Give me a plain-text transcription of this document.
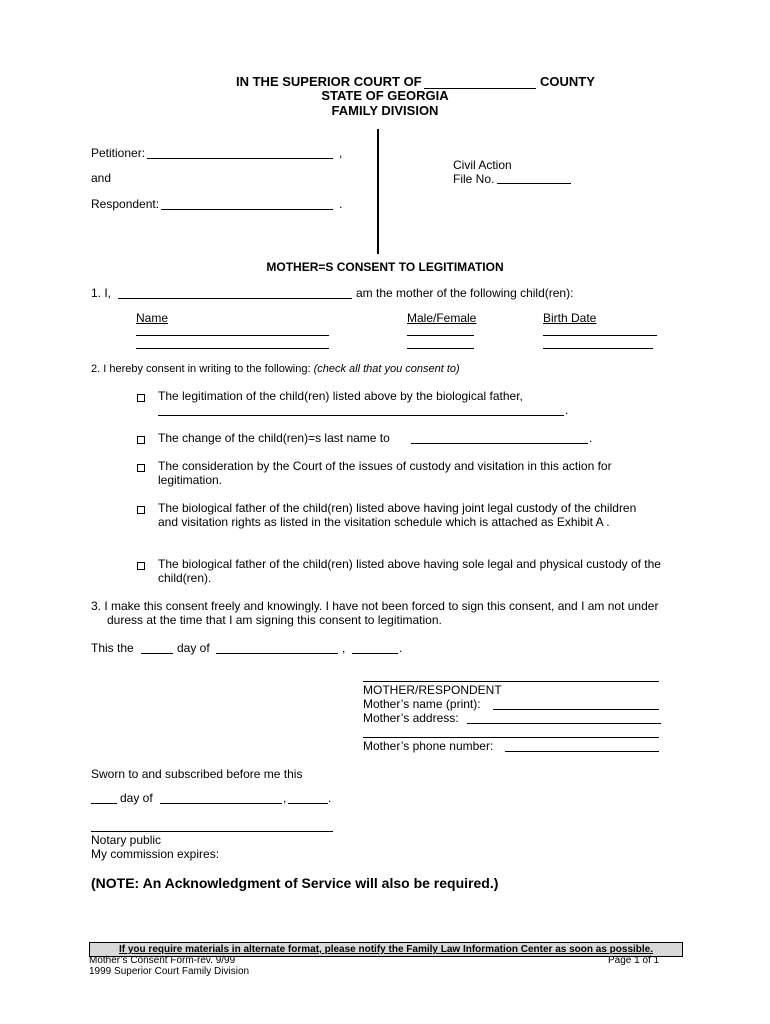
IN THE SUPERIOR COURT OF	COUNTY
STATE OF GEORGIA
FAMILY DIVISION
Petitioner:	,
and
Respondent:	.
Civil Action
File No.
MOTHER=S CONSENT TO LEGITIMATION
1. I,	am the mother of the following child(ren):
Name	Male/Female	Birth Date
2. I hereby consent in writing to the following: (check all that you consent to)
The legitimation of the child(ren) listed above by the biological father,
.
The change of the child(ren)=s last name to	.
The consideration by the Court of the issues of custody and visitation in this action for legitimation.
The biological father of the child(ren) listed above having joint legal custody of the children and visitation rights as listed in the visitation schedule which is attached as Exhibit A .
The biological father of the child(ren) listed above having sole legal and physical custody of the child(ren).
3. I make this consent freely and knowingly. I have not been forced to sign this consent, and I am not under duress at the time that I am signing this consent to legitimation.
This the	day of	,	.
MOTHER/RESPONDENT
Mother’s name (print):
Mother’s address:
Mother’s phone number:
Sworn to and subscribed before me this
day of	,	.
Notary public
My commission expires:
(NOTE: An Acknowledgment of Service will also be required.)
If you require materials in alternate format, please notify the Family Law Information Center as soon as possible.
Mother’s Consent Form-rev. 9/99	Page 1 of 1
1999 Superior Court Family Division
